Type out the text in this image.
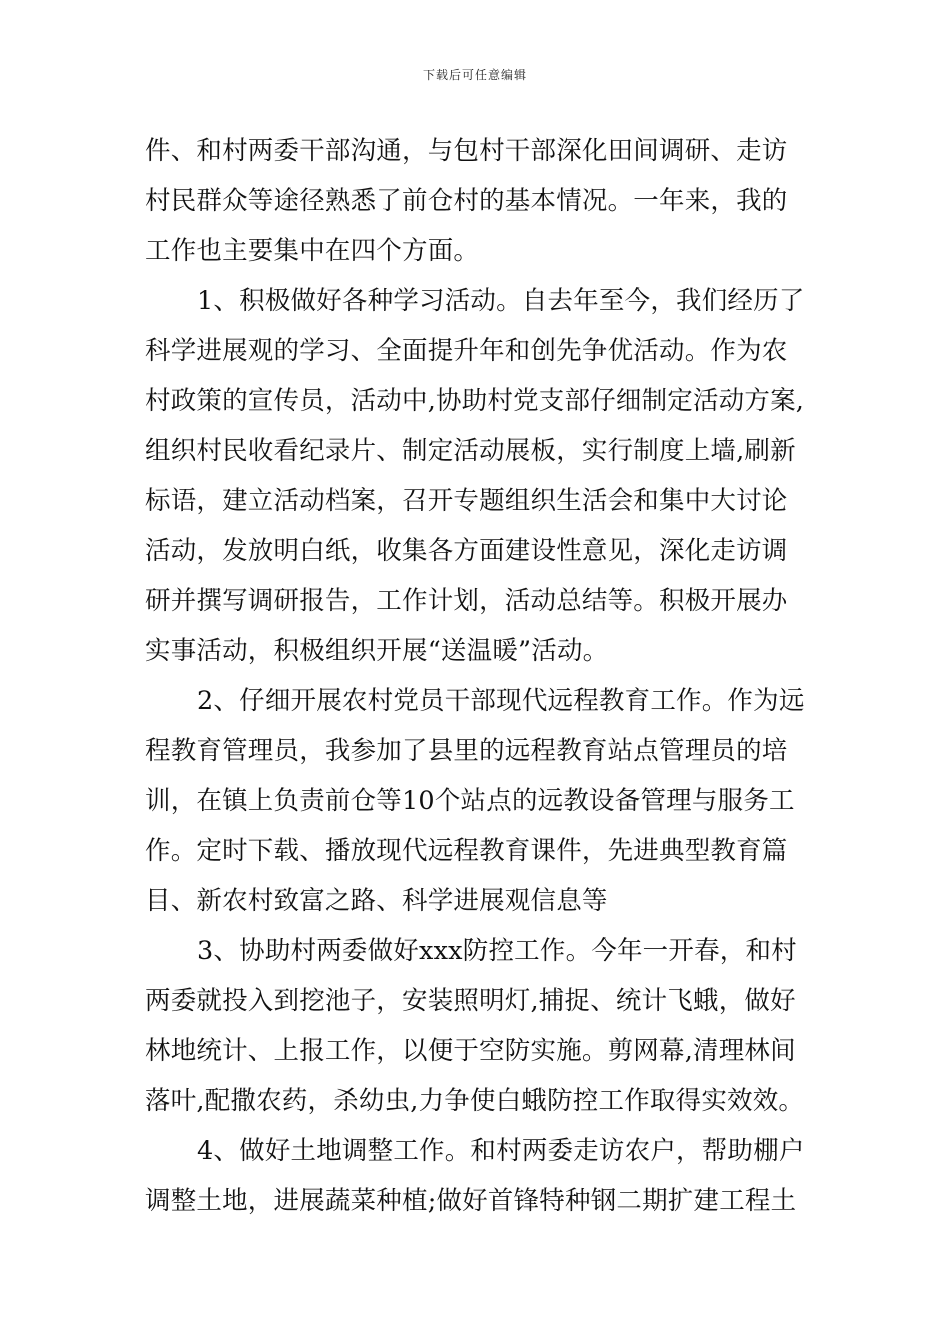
下载后可任意编辑
件、和村两委干部沟通，与包村干部深化田间调研、走访
村民群众等途径熟悉了前仓村的基本情况。一年来，我的
工作也主要集中在四个方面。
1、积极做好各种学习活动。自去年至今，我们经历了
科学进展观的学习、全面提升年和创先争优活动。作为农
村政策的宣传员，活动中,协助村党支部仔细制定活动方案,
组织村民收看纪录片、制定活动展板，实行制度上墙,刷新
标语，建立活动档案，召开专题组织生活会和集中大讨论
活动，发放明白纸，收集各方面建设性意见，深化走访调
研并撰写调研报告，工作计划，活动总结等。积极开展办
实事活动，积极组织开展“送温暖”活动。
2、仔细开展农村党员干部现代远程教育工作。作为远
程教育管理员，我参加了县里的远程教育站点管理员的培
训，在镇上负责前仓等10个站点的远教设备管理与服务工
作。定时下载、播放现代远程教育课件，先进典型教育篇
目、新农村致富之路、科学进展观信息等
3、协助村两委做好xxx防控工作。今年一开春，和村
两委就投入到挖池子，安装照明灯,捕捉、统计飞蛾，做好
林地统计、上报工作，以便于空防实施。剪网幕,清理林间
落叶,配撒农药，杀幼虫,力争使白蛾防控工作取得实效效。
4、做好土地调整工作。和村两委走访农户，帮助棚户
调整土地，进展蔬菜种植;做好首锋特种钢二期扩建工程土
